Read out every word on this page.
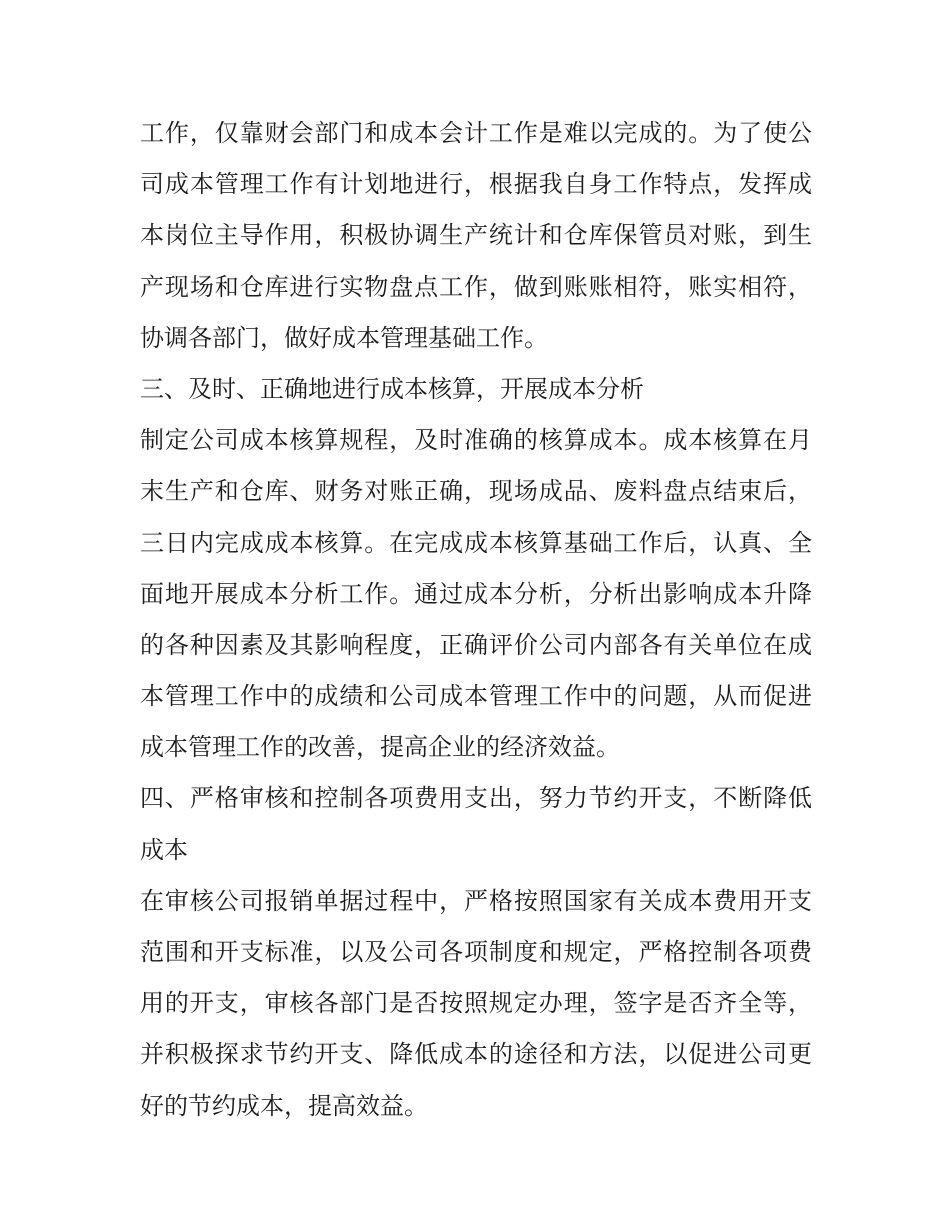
工作，仅靠财会部门和成本会计工作是难以完成的。为了使公
司成本管理工作有计划地进行，根据我自身工作特点，发挥成
本岗位主导作用，积极协调生产统计和仓库保管员对账，到生
产现场和仓库进行实物盘点工作，做到账账相符，账实相符，
协调各部门，做好成本管理基础工作。
三、及时、正确地进行成本核算，开展成本分析
制定公司成本核算规程，及时准确的核算成本。成本核算在月
末生产和仓库、财务对账正确，现场成品、废料盘点结束后，
三日内完成成本核算。在完成成本核算基础工作后，认真、全
面地开展成本分析工作。通过成本分析，分析出影响成本升降
的各种因素及其影响程度，正确评价公司内部各有关单位在成
本管理工作中的成绩和公司成本管理工作中的问题，从而促进
成本管理工作的改善，提高企业的经济效益。
四、严格审核和控制各项费用支出，努力节约开支，不断降低
成本
在审核公司报销单据过程中，严格按照国家有关成本费用开支
范围和开支标准，以及公司各项制度和规定，严格控制各项费
用的开支，审核各部门是否按照规定办理，签字是否齐全等，
并积极探求节约开支、降低成本的途径和方法，以促进公司更
好的节约成本，提高效益。
